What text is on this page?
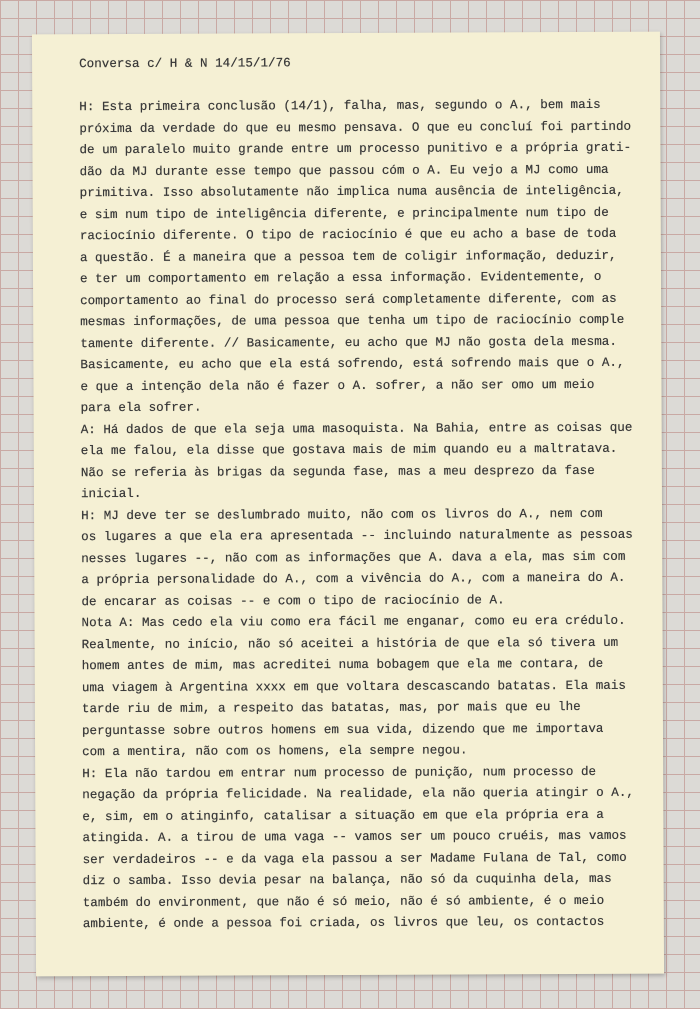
Conversa c/ H & N 14/15/1/76
H: Esta primeira conclusão (14/1), falha, mas, segundo o A., bem mais
próxima da verdade do que eu mesmo pensava. O que eu concluí foi partindo
de um paralelo muito grande entre um processo punitivo e a própria grati-
dão da MJ durante esse tempo que passou cóm o A. Eu vejo a MJ como uma
primitiva. Isso absolutamente não implica numa ausência de inteligência,
e sim num tipo de inteligência diferente, e principalmente num tipo de
raciocínio diferente. O tipo de raciocínio é que eu acho a base de toda
a questão. É a maneira que a pessoa tem de coligir informação, deduzir,
e ter um comportamento em relação a essa informação. Evidentemente, o
comportamento ao final do processo será completamente diferente, com as
mesmas informações, de uma pessoa que tenha um tipo de raciocínio comple
tamente diferente. // Basicamente, eu acho que MJ não gosta dela mesma.
Basicamente, eu acho que ela está sofrendo, está sofrendo mais que o A.,
e que a intenção dela não é fazer o A. sofrer, a não ser omo um meio
para ela sofrer.
A: Há dados de que ela seja uma masoquista. Na Bahia, entre as coisas que
ela me falou, ela disse que gostava mais de mim quando eu a maltratava.
Não se referia às brigas da segunda fase, mas a meu desprezo da fase
inicial.
H: MJ deve ter se deslumbrado muito, não com os livros do A., nem com
os lugares a que ela era apresentada -- incluindo naturalmente as pessoas
nesses lugares --, não com as informações que A. dava a ela, mas sim com
a própria personalidade do A., com a vivência do A., com a maneira do A.
de encarar as coisas -- e com o tipo de raciocínio de A.
Nota A: Mas cedo ela viu como era fácil me enganar, como eu era crédulo.
Realmente, no início, não só aceitei a história de que ela só tivera um
homem antes de mim, mas acreditei numa bobagem que ela me contara, de
uma viagem à Argentina xxxx em que voltara descascando batatas. Ela mais
tarde riu de mim, a respeito das batatas, mas, por mais que eu lhe
perguntasse sobre outros homens em sua vida, dizendo que me importava
com a mentira, não com os homens, ela sempre negou.
H: Ela não tardou em entrar num processo de punição, num processo de
negação da própria felicidade. Na realidade, ela não queria atingir o A.,
e, sim, em o atinginfo, catalisar a situação em que ela própria era a
atingida. A. a tirou de uma vaga -- vamos ser um pouco cruéis, mas vamos
ser verdadeiros -- e da vaga ela passou a ser Madame Fulana de Tal, como
diz o samba. Isso devia pesar na balança, não só da cuquinha dela, mas
também do environment, que não é só meio, não é só ambiente, é o meio
ambiente, é onde a pessoa foi criada, os livros que leu, os contactos
